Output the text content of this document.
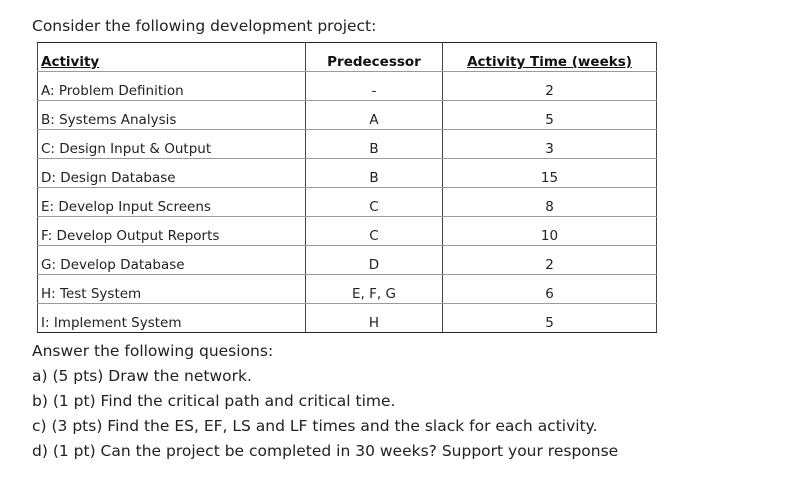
Consider the following development project:
Activity	Predecessor	Activity Time (weeks)
A: Problem Definition	-	2
B: Systems Analysis	A	5
C: Design Input & Output	B	3
D: Design Database	B	15
E: Develop Input Screens	C	8
F: Develop Output Reports	C	10
G: Develop Database	D	2
H: Test System	E, F, G	6
I: Implement System	H	5
Answer the following quesions:
a) (5 pts) Draw the network.
b) (1 pt) Find the critical path and critical time.
c) (3 pts) Find the ES, EF, LS and LF times and the slack for each activity.
d) (1 pt) Can the project be completed in 30 weeks? Support your response
